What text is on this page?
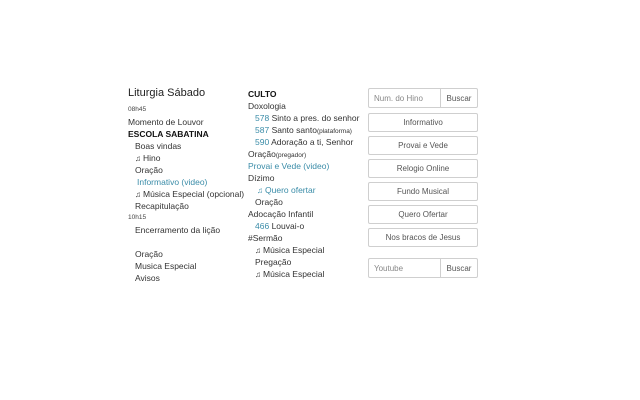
Liturgia Sábado
08h45
Momento de Louvor
ESCOLA SABATINA
Boas vindas
♫ Hino
Oração
Informativo (video)
♫ Música Especial (opcional)
Recapitulação
10h15
Encerramento da lição
Oração
Musica Especial
Avisos
CULTO
Doxologia
578 Sinto a pres. do senhor
587 Santo santo(plataforma)
590 Adoração a ti, Senhor
Oração(pregador)
Provai e Vede (video)
Dízimo
♫ Quero ofertar
Oração
Adocação Infantil
466 Louvai-o
#Sermão
♫ Música Especial
Pregação
♫ Música Especial
Num. do Hino
Buscar
Informativo
Provai e Vede
Relogio Online
Fundo Musical
Quero Ofertar
Nos bracos de Jesus
Youtube
Buscar
